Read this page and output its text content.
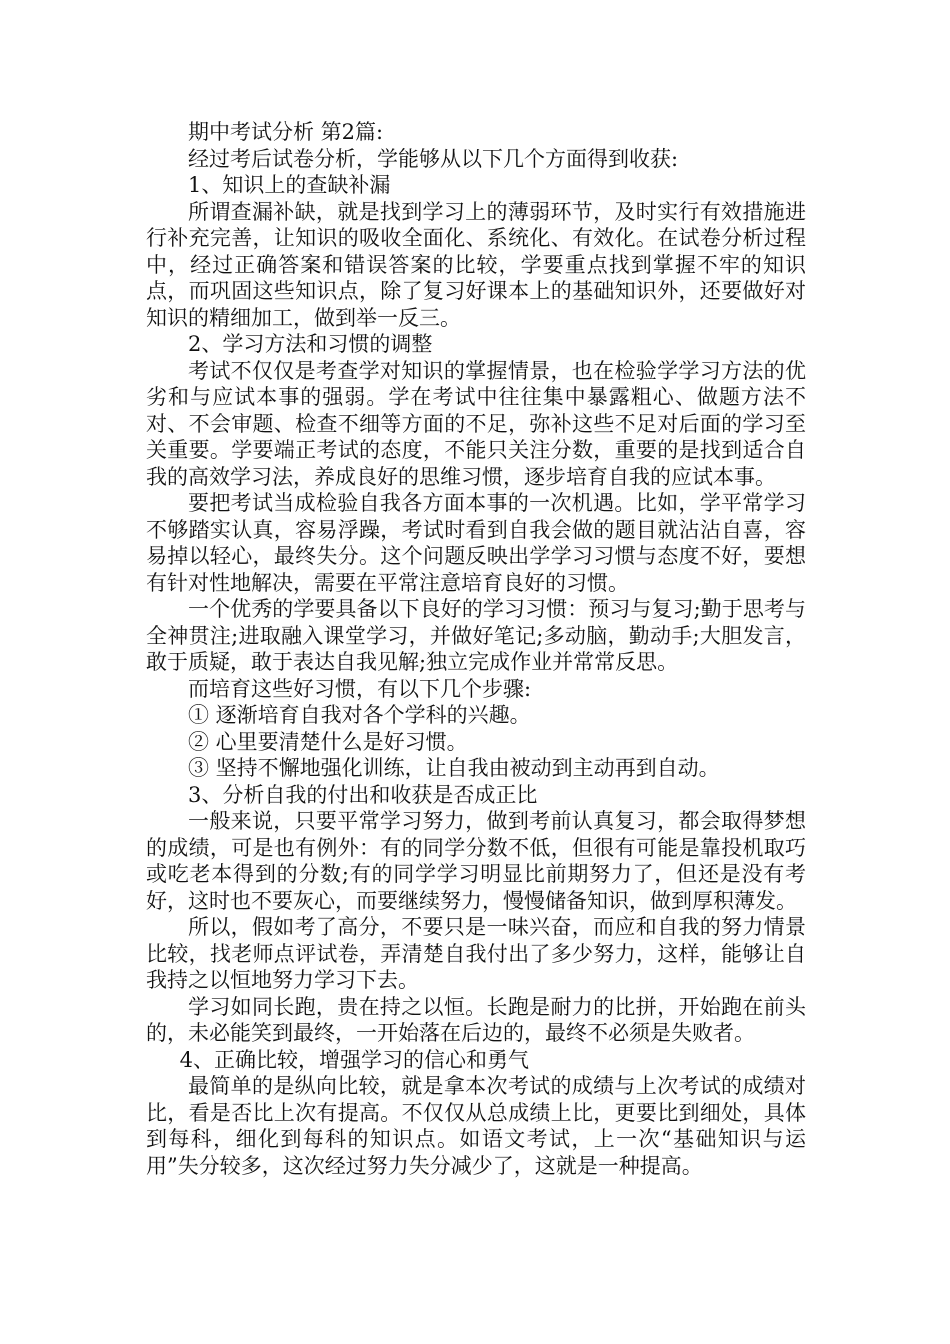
期中考试分析 第2篇:

经过考后试卷分析，学能够从以下几个方面得到收获:

1、知识上的查缺补漏

所谓查漏补缺，就是找到学习上的薄弱环节，及时实行有效措施进行补充完善，让知识的吸收全面化、系统化、有效化。在试卷分析过程中，经过正确答案和错误答案的比较，学要重点找到掌握不牢的知识点，而巩固这些知识点，除了复习好课本上的基础知识外，还要做好对知识的精细加工，做到举一反三。

2、学习方法和习惯的调整

考试不仅仅是考查学对知识的掌握情景，也在检验学学习方法的优劣和与应试本事的强弱。学在考试中往往集中暴露粗心、做题方法不对、不会审题、检查不细等方面的不足，弥补这些不足对后面的学习至关重要。学要端正考试的态度，不能只关注分数，重要的是找到适合自我的高效学习法，养成良好的思维习惯，逐步培育自我的应试本事。

要把考试当成检验自我各方面本事的一次机遇。比如，学平常学习不够踏实认真，容易浮躁，考试时看到自我会做的题目就沾沾自喜，容易掉以轻心，最终失分。这个问题反映出学学习习惯与态度不好，要想有针对性地解决，需要在平常注意培育良好的习惯。

一个优秀的学要具备以下良好的学习习惯：预习与复习;勤于思考与全神贯注;进取融入课堂学习，并做好笔记;多动脑，勤动手;大胆发言，敢于质疑，敢于表达自我见解;独立完成作业并常常反思。

而培育这些好习惯，有以下几个步骤:

① 逐渐培育自我对各个学科的兴趣。

② 心里要清楚什么是好习惯。

③ 坚持不懈地强化训练，让自我由被动到主动再到自动。

3、分析自我的付出和收获是否成正比

一般来说，只要平常学习努力，做到考前认真复习，都会取得梦想的成绩，可是也有例外：有的同学分数不低，但很有可能是靠投机取巧或吃老本得到的分数;有的同学学习明显比前期努力了，但还是没有考好，这时也不要灰心，而要继续努力，慢慢储备知识，做到厚积薄发。

所以，假如考了高分，不要只是一味兴奋，而应和自我的努力情景比较，找老师点评试卷，弄清楚自我付出了多少努力，这样，能够让自我持之以恒地努力学习下去。

学习如同长跑，贵在持之以恒。长跑是耐力的比拼，开始跑在前头的，未必能笑到最终，一开始落在后边的，最终不必须是失败者。

4、正确比较，增强学习的信心和勇气

最简单的是纵向比较，就是拿本次考试的成绩与上次考试的成绩对比，看是否比上次有提高。不仅仅从总成绩上比，更要比到细处，具体到每科，细化到每科的知识点。如语文考试，上一次“基础知识与运用”失分较多，这次经过努力失分减少了，这就是一种提高。
